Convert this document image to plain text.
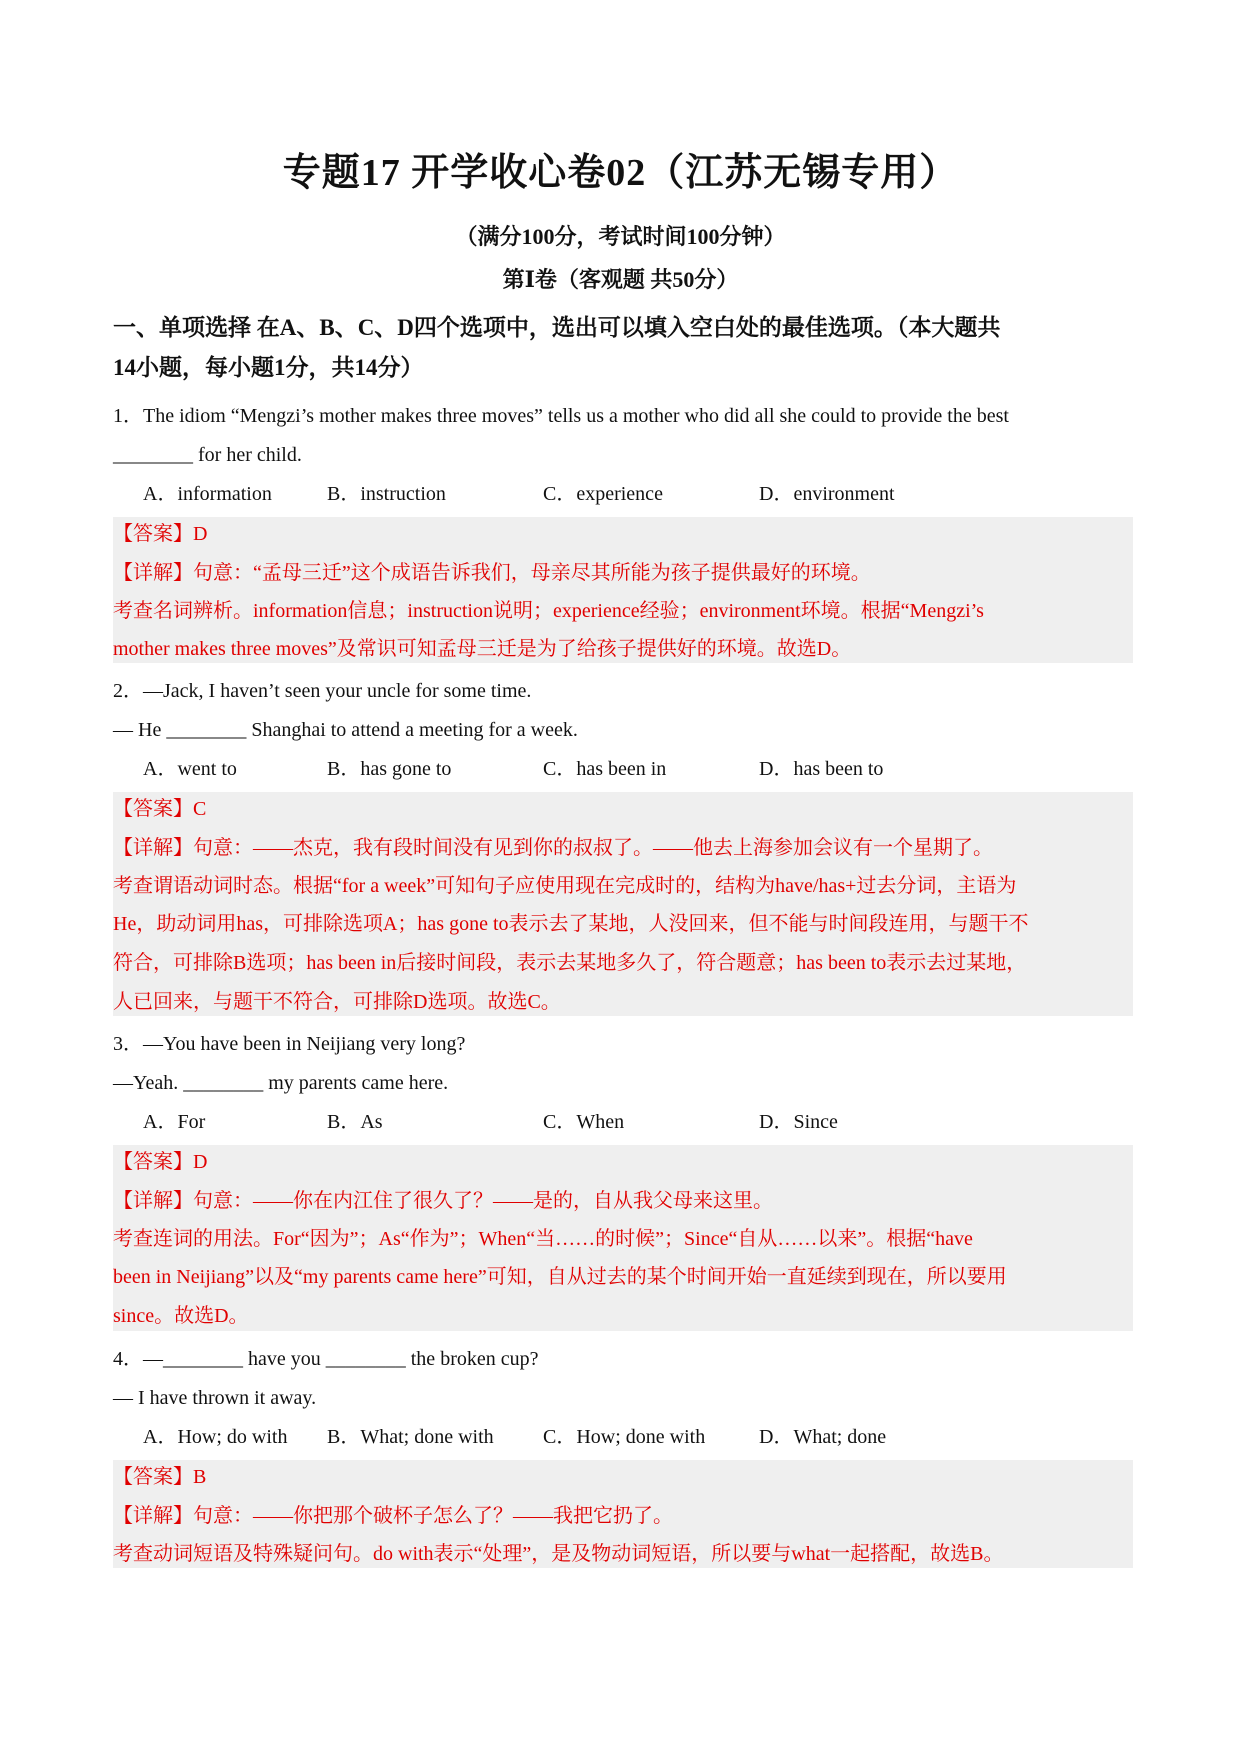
专题17 开学收心卷02（江苏无锡专用）
（满分100分，考试时间100分钟）
第Ⅰ卷（客观题 共50分）
一、单项选择 在A、B、C、D四个选项中，选出可以填入空白处的最佳选项。（本大题共
14小题，每小题1分，共14分）
1．The idiom “Mengzi’s mother makes three moves” tells us a mother who did all she could to provide the best
________ for her child.
A．information	B．instruction	C．experience	D．environment
【答案】D
【详解】句意：“孟母三迁”这个成语告诉我们，母亲尽其所能为孩子提供最好的环境。
考查名词辨析。information信息；instruction说明；experience经验；environment环境。根据“Mengzi’s
mother makes three moves”及常识可知孟母三迁是为了给孩子提供好的环境。故选D。
2．—Jack, I haven’t seen your uncle for some time.
— He ________ Shanghai to attend a meeting for a week.
A．went to	B．has gone to	C．has been in	D．has been to
【答案】C
【详解】句意：——杰克，我有段时间没有见到你的叔叔了。——他去上海参加会议有一个星期了。
考查谓语动词时态。根据“for a week”可知句子应使用现在完成时的，结构为have/has+过去分词，主语为
He，助动词用has，可排除选项A；has gone to表示去了某地，人没回来，但不能与时间段连用，与题干不
符合，可排除B选项；has been in后接时间段，表示去某地多久了，符合题意；has been to表示去过某地，
人已回来，与题干不符合，可排除D选项。故选C。
3．—You have been in Neijiang very long?
—Yeah. ________ my parents came here.
A．For	B．As	C．When	D．Since
【答案】D
【详解】句意：——你在内江住了很久了？——是的，自从我父母来这里。
考查连词的用法。For“因为”；As“作为”；When“当……的时候”；Since“自从……以来”。根据“have
been in Neijiang”以及“my parents came here”可知，自从过去的某个时间开始一直延续到现在，所以要用
since。故选D。
4．—________ have you ________ the broken cup?
— I have thrown it away.
A．How; do with B．What; done with C．How; done with	D．What; done
【答案】B
【详解】句意：——你把那个破杯子怎么了？——我把它扔了。
考查动词短语及特殊疑问句。do with表示“处理”，是及物动词短语，所以要与what一起搭配，故选B。
